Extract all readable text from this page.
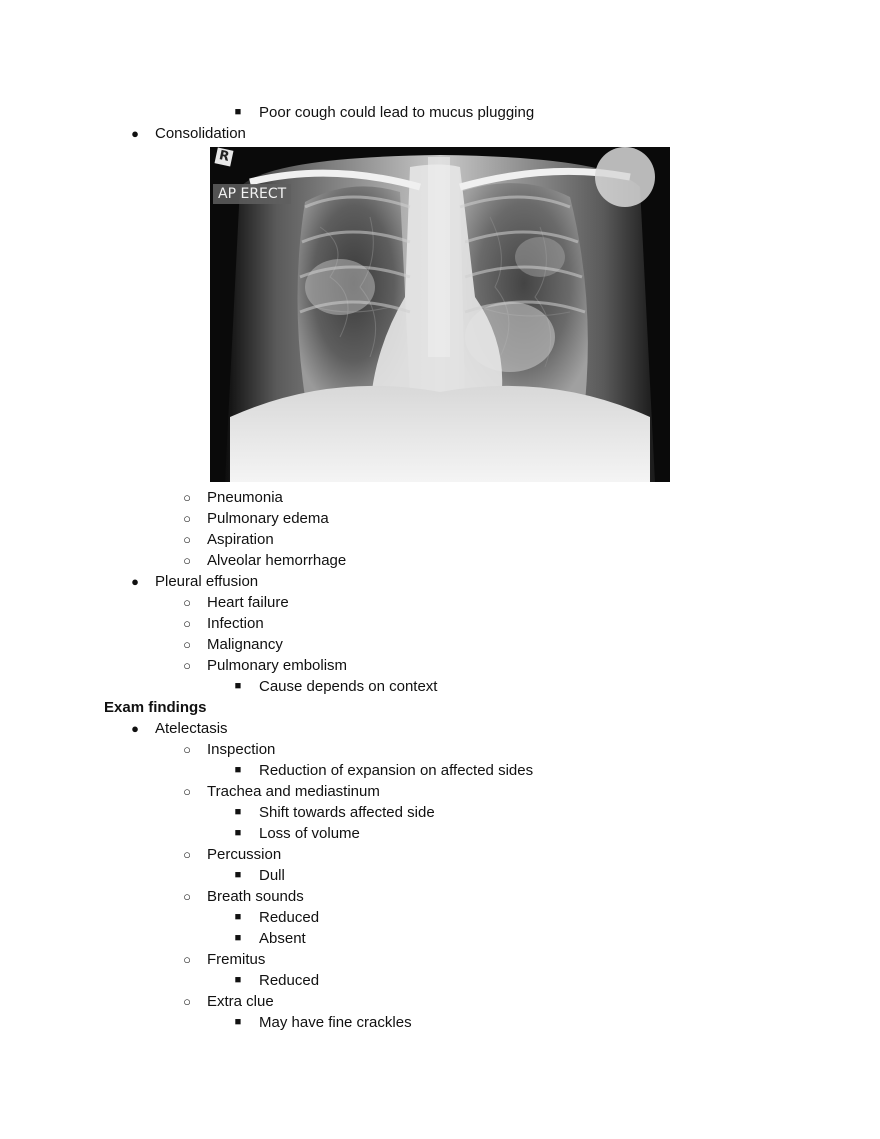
■	Poor cough could lead to mucus plugging
●	Consolidation
R
AP ERECT
○	Pneumonia
○	Pulmonary edema
○	Aspiration
○	Alveolar hemorrhage
●	Pleural effusion
○	Heart failure
○	Infection
○	Malignancy
○	Pulmonary embolism
■	Cause depends on context
Exam findings
●	Atelectasis
○	Inspection
■	Reduction of expansion on affected sides
○	Trachea and mediastinum
■	Shift towards affected side
■	Loss of volume
○	Percussion
■	Dull
○	Breath sounds
■	Reduced
■	Absent
○	Fremitus
■	Reduced
○	Extra clue
■	May have fine crackles
